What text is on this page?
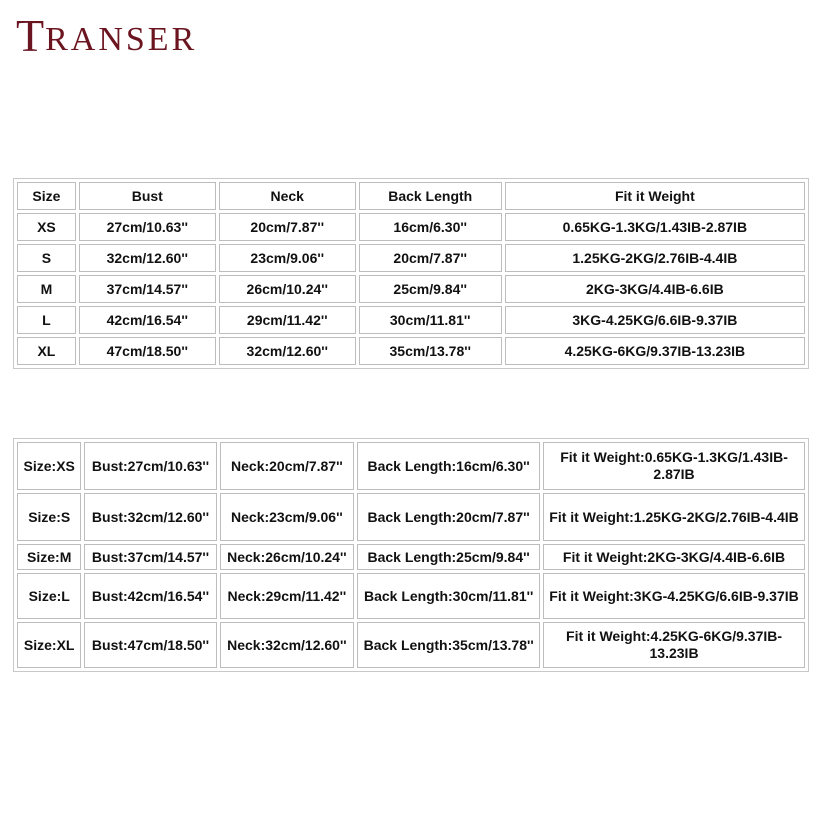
T RANSER
Size	Bust	Neck	Back Length	Fit it Weight
XS	27cm/10.63''	20cm/7.87''	16cm/6.30''	0.65KG-1.3KG/1.43IB-2.87IB
S	32cm/12.60''	23cm/9.06''	20cm/7.87''	1.25KG-2KG/2.76IB-4.4IB
M	37cm/14.57''	26cm/10.24''	25cm/9.84''	2KG-3KG/4.4IB-6.6IB
L	42cm/16.54''	29cm/11.42''	30cm/11.81''	3KG-4.25KG/6.6IB-9.37IB
XL	47cm/18.50''	32cm/12.60''	35cm/13.78''	4.25KG-6KG/9.37IB-13.23IB
Size:XS	Bust:27cm/10.63''	Neck:20cm/7.87''	Back Length:16cm/6.30''	Fit it Weight:0.65KG-1.3KG/1.43IB-2.87IB
Size:S	Bust:32cm/12.60''	Neck:23cm/9.06''	Back Length:20cm/7.87''	Fit it Weight:1.25KG-2KG/2.76IB-4.4IB
Size:M	Bust:37cm/14.57''	Neck:26cm/10.24''	Back Length:25cm/9.84''	Fit it Weight:2KG-3KG/4.4IB-6.6IB
Size:L	Bust:42cm/16.54''	Neck:29cm/11.42''	Back Length:30cm/11.81''	Fit it Weight:3KG-4.25KG/6.6IB-9.37IB
Size:XL	Bust:47cm/18.50''	Neck:32cm/12.60''	Back Length:35cm/13.78''	Fit it Weight:4.25KG-6KG/9.37IB-13.23IB
